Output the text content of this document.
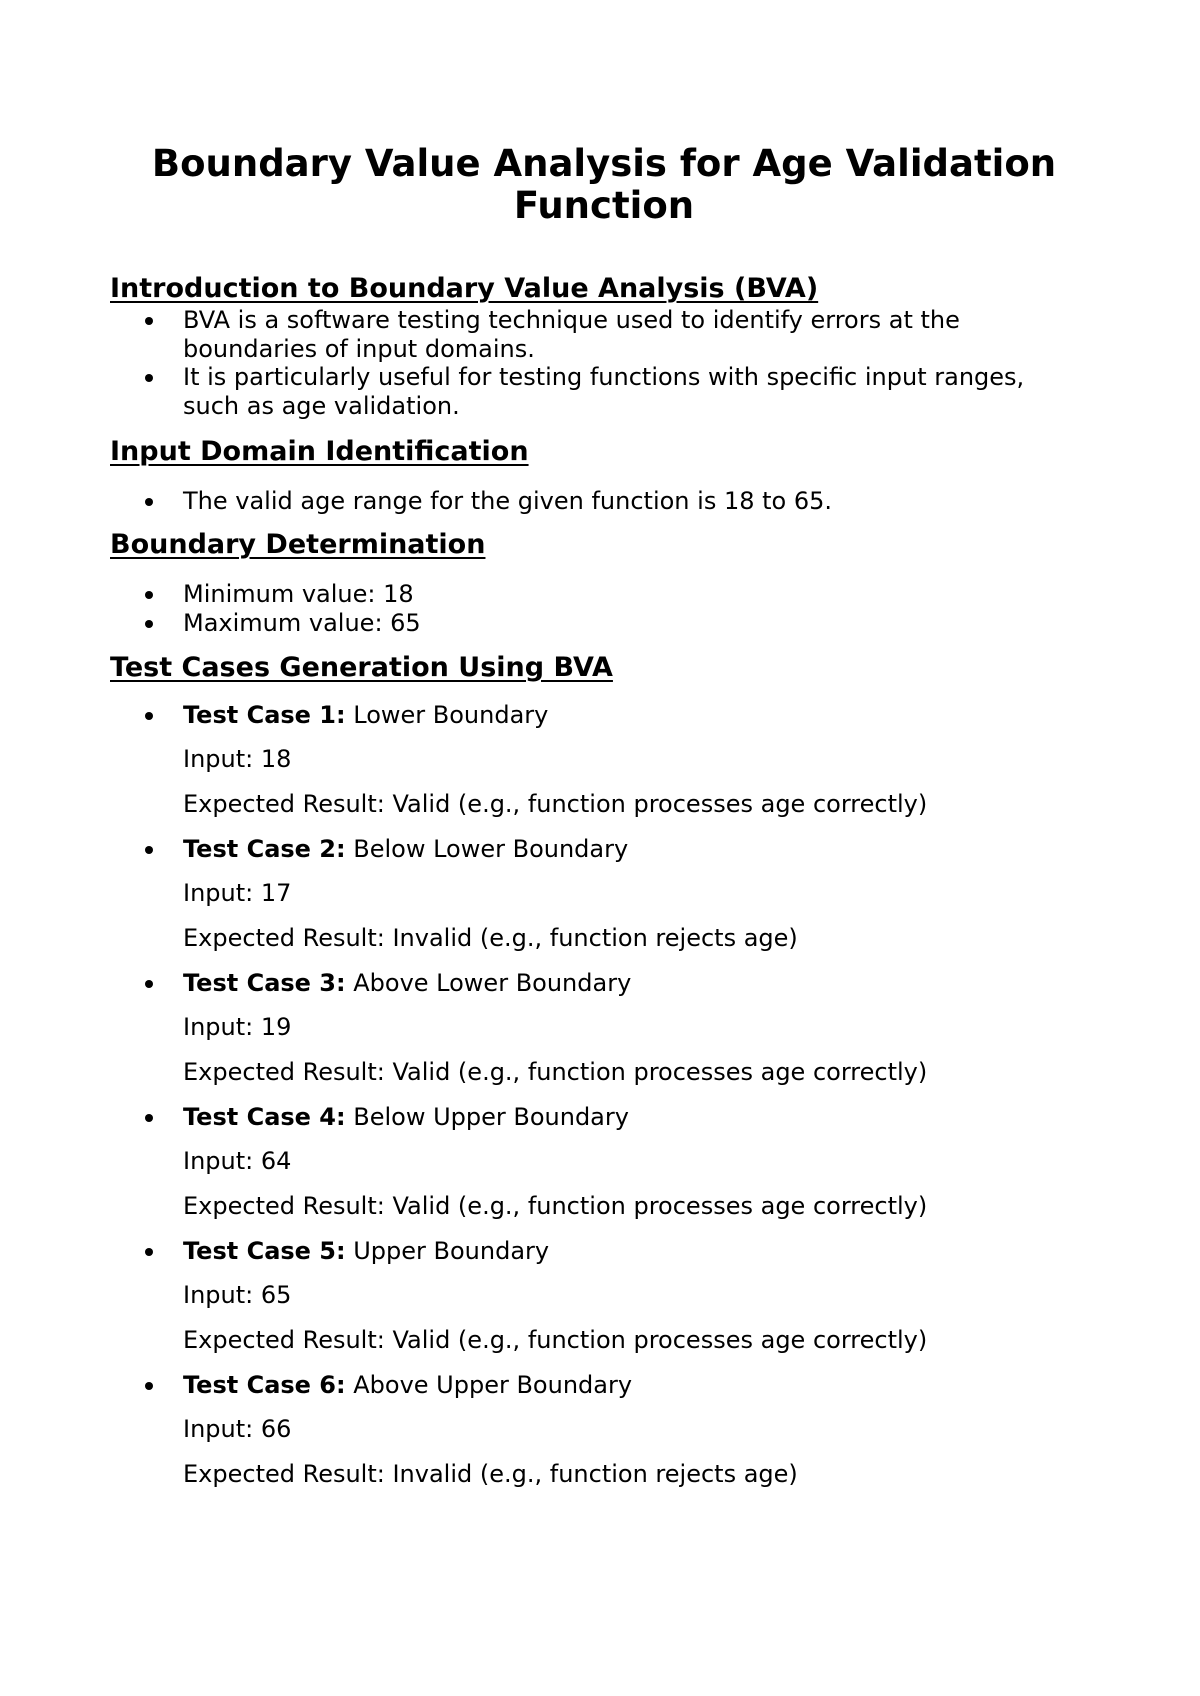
Boundary Value Analysis for Age Validation Function
Introduction to Boundary Value Analysis (BVA)
BVA is a software testing technique used to identify errors at the boundaries of input domains.
It is particularly useful for testing functions with specific input ranges, such as age validation.
Input Domain Identification
The valid age range for the given function is 18 to 65.
Boundary Determination
Minimum value: 18
Maximum value: 65
Test Cases Generation Using BVA
Test Case 1: Lower Boundary
Input: 18
Expected Result: Valid (e.g., function processes age correctly)
Test Case 2: Below Lower Boundary
Input: 17
Expected Result: Invalid (e.g., function rejects age)
Test Case 3: Above Lower Boundary
Input: 19
Expected Result: Valid (e.g., function processes age correctly)
Test Case 4: Below Upper Boundary
Input: 64
Expected Result: Valid (e.g., function processes age correctly)
Test Case 5: Upper Boundary
Input: 65
Expected Result: Valid (e.g., function processes age correctly)
Test Case 6: Above Upper Boundary
Input: 66
Expected Result: Invalid (e.g., function rejects age)
